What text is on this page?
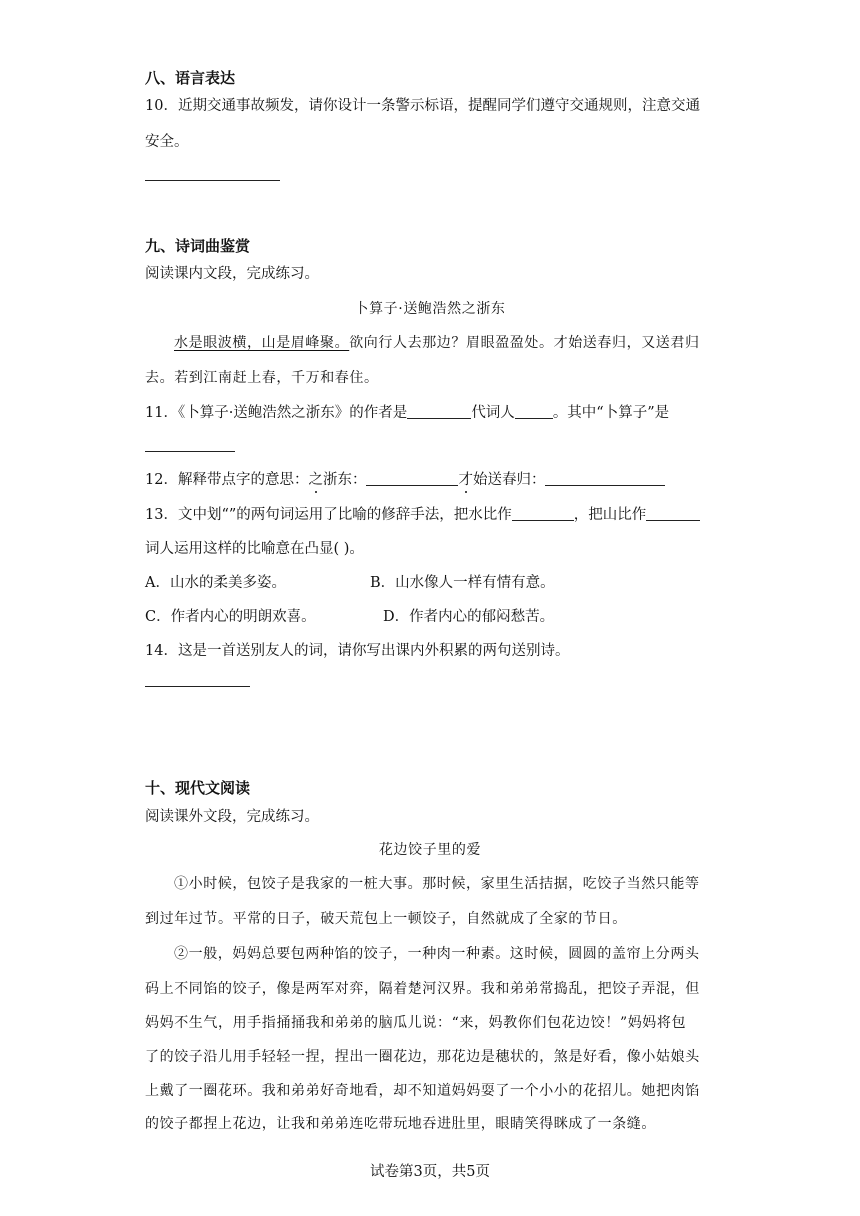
八、语言表达
10．近期交通事故频发，请你设计一条警示标语，提醒同学们遵守交通规则，注意交通
安全。
九、诗词曲鉴赏
阅读课内文段，完成练习。
卜算子·送鲍浩然之浙东
水是眼波横，山是眉峰聚。欲向行人去那边？眉眼盈盈处。才始送春归，又送君归
去。若到江南赶上春，千万和春住。
11．《卜算子·送鲍浩然之浙东》的作者是	代词人	。其中“卜算子”是
12．解释带点字的意思：之浙东：	才始送春归：
13．文中划“”的两句词运用了比喻的修辞手法，把水比作	，把山比作
词人运用这样的比喻意在凸显( )。
A．山水的柔美多姿。	B．山水像人一样有情有意。
C．作者内心的明朗欢喜。	D．作者内心的郁闷愁苦。
14．这是一首送别友人的词，请你写出课内外积累的两句送别诗。
十、现代文阅读
阅读课外文段，完成练习。
花边饺子里的爱
①小时候，包饺子是我家的一桩大事。那时候，家里生活拮据，吃饺子当然只能等
到过年过节。平常的日子，破天荒包上一顿饺子，自然就成了全家的节日。
②一般，妈妈总要包两种馅的饺子，一种肉一种素。这时候，圆圆的盖帘上分两头
码上不同馅的饺子，像是两军对弈，隔着楚河汉界。我和弟弟常捣乱，把饺子弄混，但
妈妈不生气，用手指捅捅我和弟弟的脑瓜儿说：“来，妈教你们包花边饺！”妈妈将包
了的饺子沿儿用手轻轻一捏，捏出一圈花边，那花边是穗状的，煞是好看，像小姑娘头
上戴了一圈花环。我和弟弟好奇地看，却不知道妈妈耍了一个小小的花招儿。她把肉馅
的饺子都捏上花边，让我和弟弟连吃带玩地吞进肚里，眼睛笑得眯成了一条缝。
试卷第3页，共5页
